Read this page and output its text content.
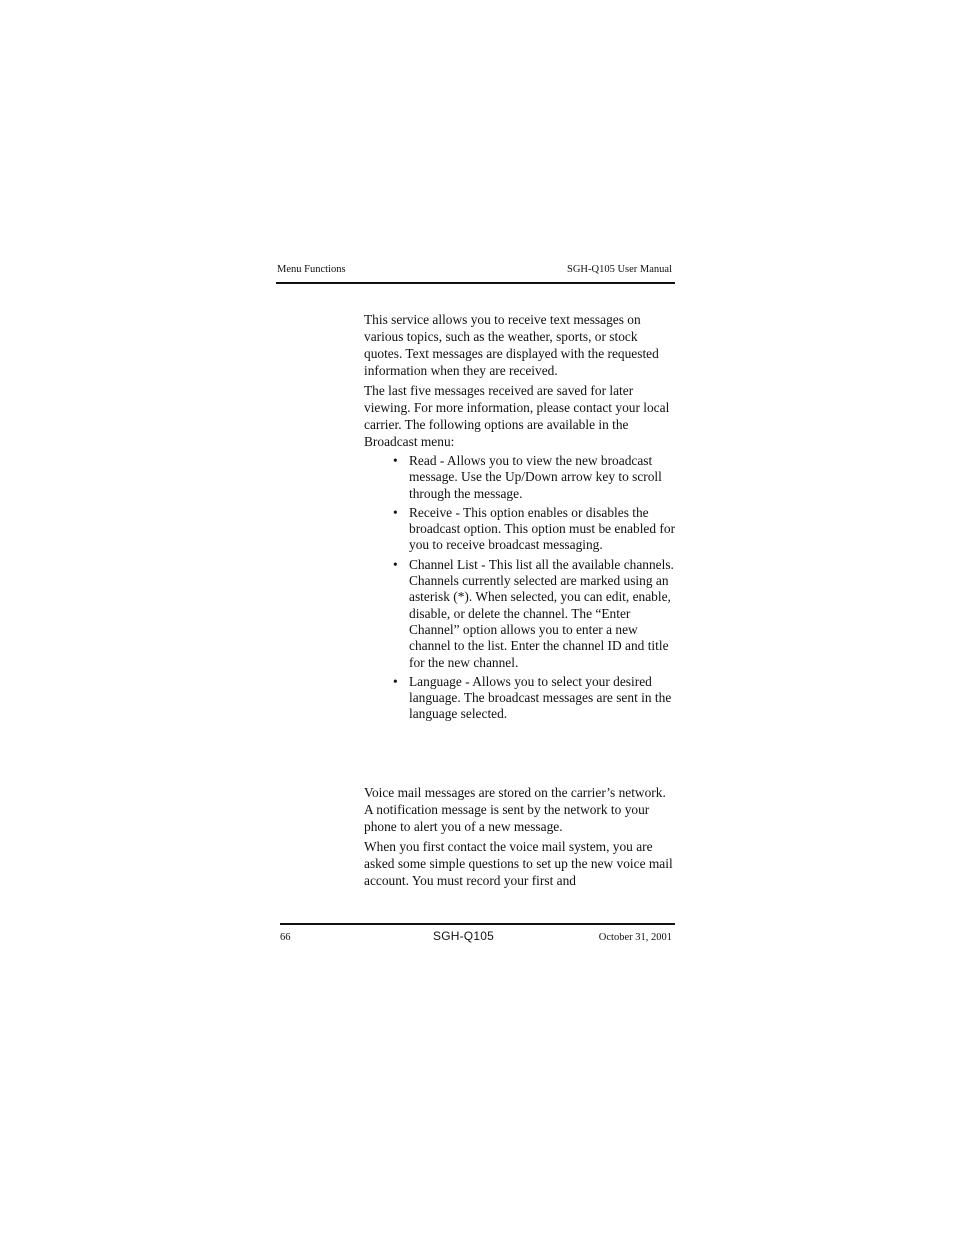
Menu Functions	SGH-Q105 User Manual

This service allows you to receive text messages on various topics, such as the weather, sports, or stock quotes. Text messages are displayed with the requested information when they are received.

The last five messages received are saved for later viewing. For more information, please contact your local carrier. The following options are available in the Broadcast menu:

• Read - Allows you to view the new broadcast message. Use the Up/Down arrow key to scroll through the message.
• Receive - This option enables or disables the broadcast option. This option must be enabled for you to receive broadcast messaging.
• Channel List - This list all the available channels. Channels currently selected are marked using an asterisk (*). When selected, you can edit, enable, disable, or delete the channel. The “Enter Channel” option allows you to enter a new channel to the list. Enter the channel ID and title for the new channel.
• Language - Allows you to select your desired language. The broadcast messages are sent in the language selected.

Voice mail messages are stored on the carrier’s network. A notification message is sent by the network to your phone to alert you of a new message.

When you first contact the voice mail system, you are asked some simple questions to set up the new voice mail account. You must record your first and

66	SGH-Q105	October 31, 2001
